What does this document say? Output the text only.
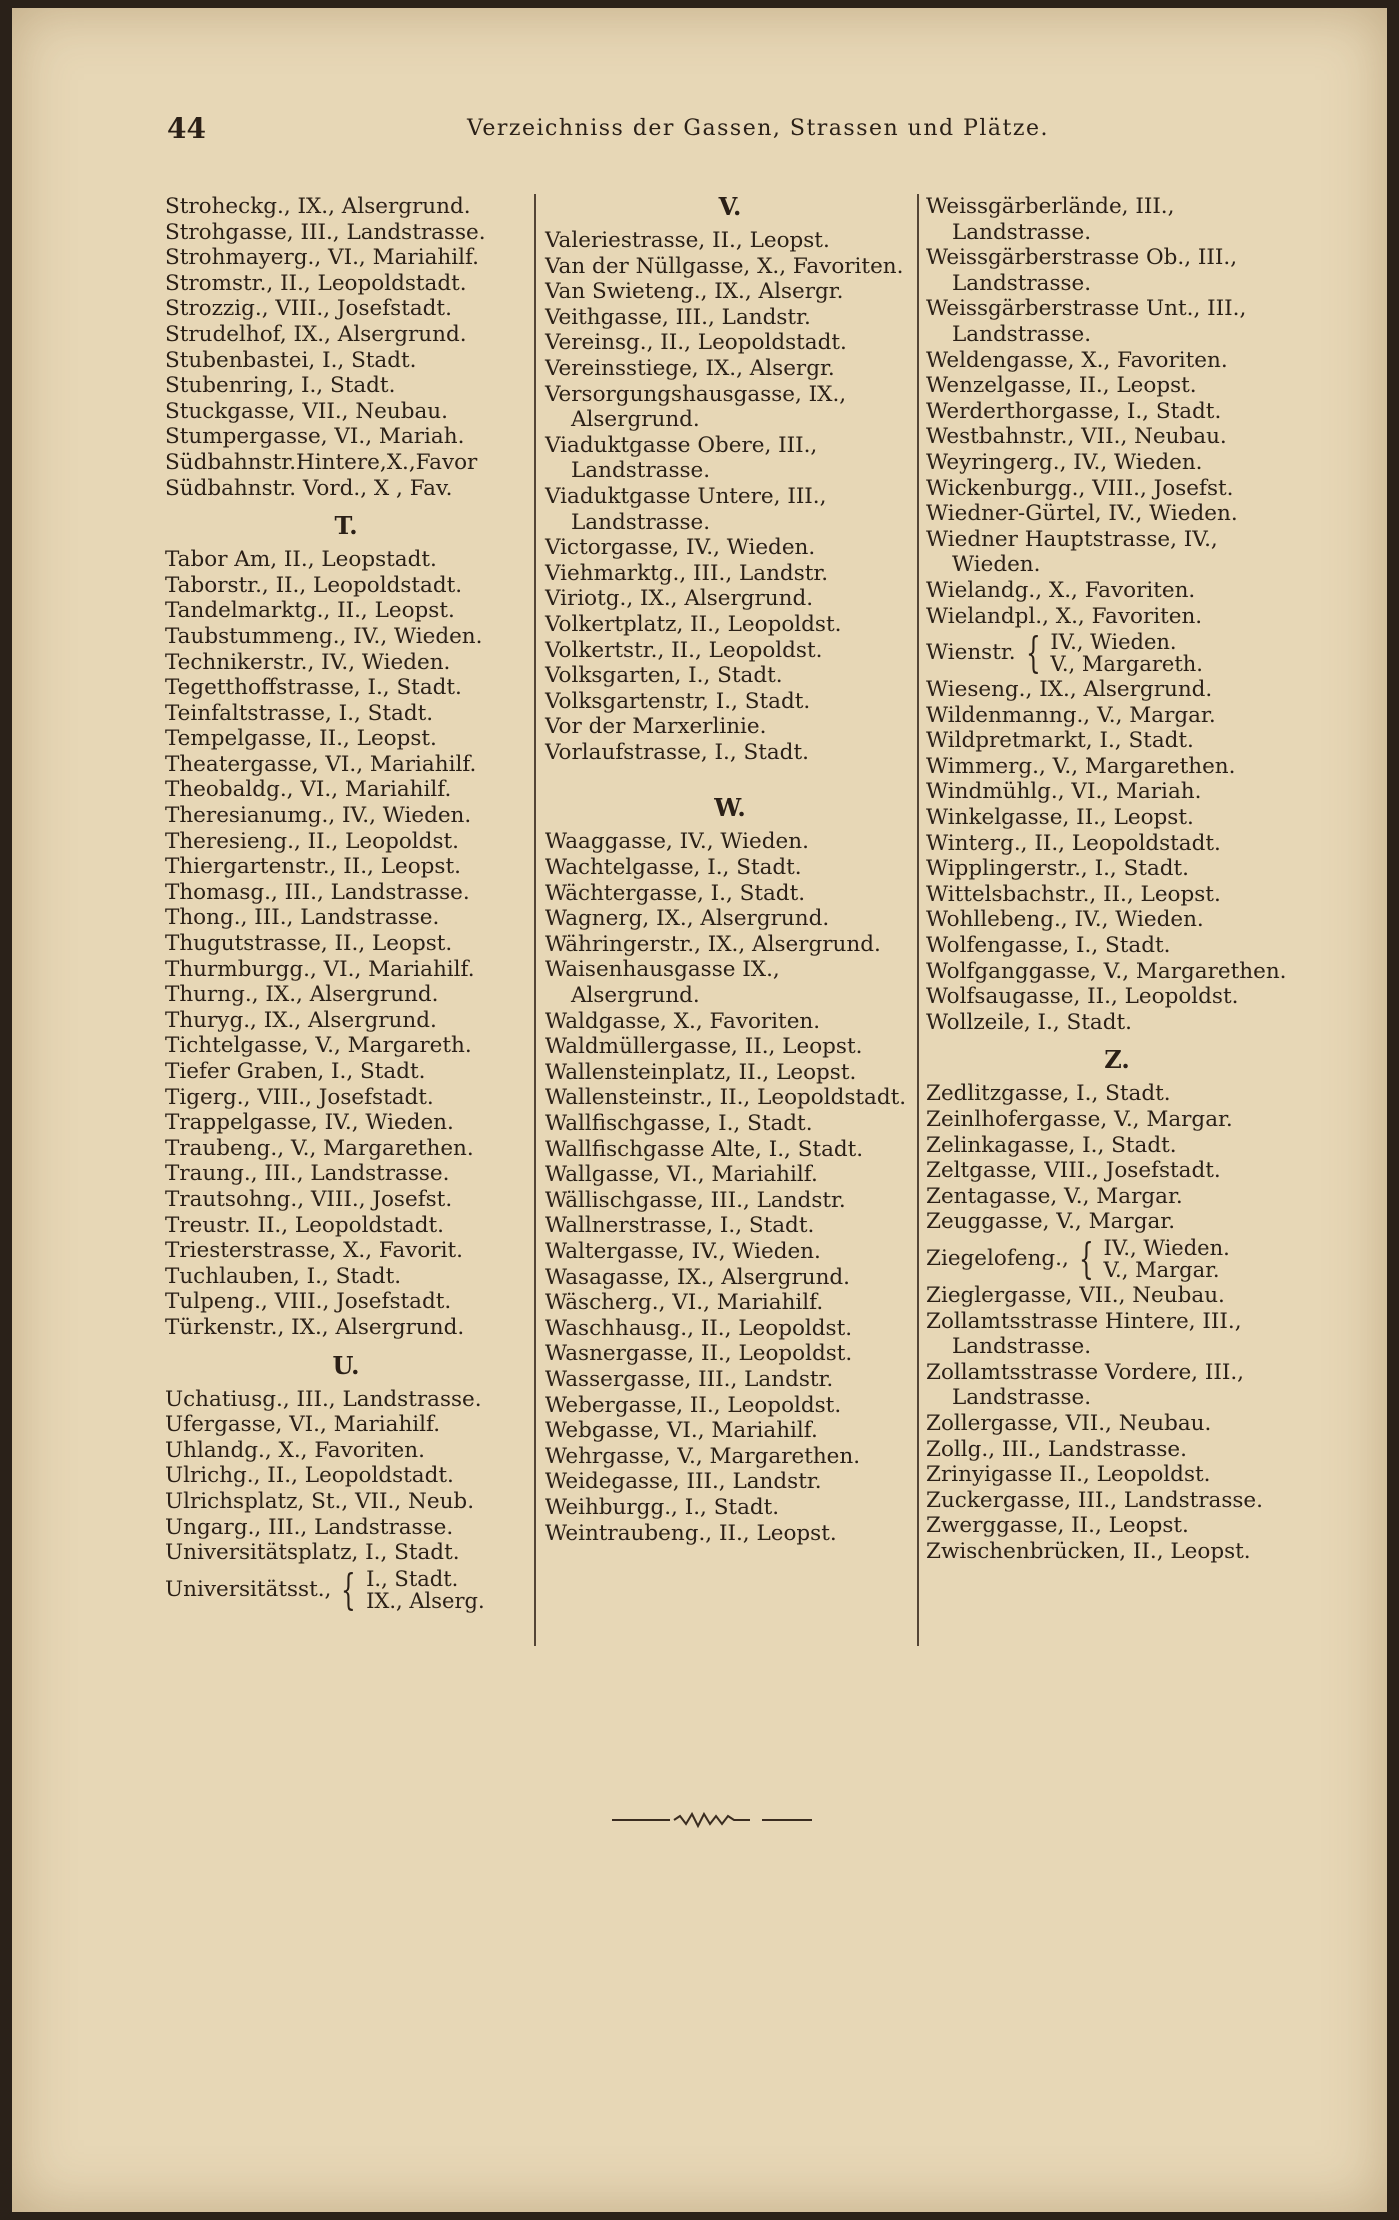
44	Verzeichniss der Gassen, Strassen und Plätze.
Stroheckg., IX., Alsergrund.
Strohgasse, III., Landstrasse.
Strohmayerg., VI., Mariahilf.
Stromstr., II., Leopoldstadt.
Strozzig., VIII., Josefstadt.
Strudelhof, IX., Alsergrund.
Stubenbastei, I., Stadt.
Stubenring, I., Stadt.
Stuckgasse, VII., Neubau.
Stumpergasse, VI., Mariah.
Südbahnstr.Hintere,X.,Favor
Südbahnstr. Vord., X , Fav.
T.
Tabor Am, II., Leopstadt.
Taborstr., II., Leopoldstadt.
Tandelmarktg., II., Leopst.
Taubstummeng., IV., Wieden.
Technikerstr., IV., Wieden.
Tegetthoffstrasse, I., Stadt.
Teinfaltstrasse, I., Stadt.
Tempelgasse, II., Leopst.
Theatergasse, VI., Mariahilf.
Theobaldg., VI., Mariahilf.
Theresianumg., IV., Wieden.
Theresieng., II., Leopoldst.
Thiergartenstr., II., Leopst.
Thomasg., III., Landstrasse.
Thong., III., Landstrasse.
Thugutstrasse, II., Leopst.
Thurmburgg., VI., Mariahilf.
Thurng., IX., Alsergrund.
Thuryg., IX., Alsergrund.
Tichtelgasse, V., Margareth.
Tiefer Graben, I., Stadt.
Tigerg., VIII., Josefstadt.
Trappelgasse, IV., Wieden.
Traubeng., V., Margarethen.
Traung., III., Landstrasse.
Trautsohng., VIII., Josefst.
Treustr. II., Leopoldstadt.
Triesterstrasse, X., Favorit.
Tuchlauben, I., Stadt.
Tulpeng., VIII., Josefstadt.
Türkenstr., IX., Alsergrund.
U.
Uchatiusg., III., Landstrasse.
Ufergasse, VI., Mariahilf.
Uhlandg., X., Favoriten.
Ulrichg., II., Leopoldstadt.
Ulrichsplatz, St., VII., Neub.
Ungarg., III., Landstrasse.
Universitätsplatz, I., Stadt.
Universitätsst., { I., Stadt.
IX., Alserg.
V.
Valeriestrasse, II., Leopst.
Van der Nüllgasse, X., Favoriten.
Van Swieteng., IX., Alsergr.
Veithgasse, III., Landstr.
Vereinsg., II., Leopoldstadt.
Vereinsstiege, IX., Alsergr.
Versorgungshausgasse, IX., Alsergrund.
Viaduktgasse Obere, III., Landstrasse.
Viaduktgasse Untere, III., Landstrasse.
Victorgasse, IV., Wieden.
Viehmarktg., III., Landstr.
Viriotg., IX., Alsergrund.
Volkertplatz, II., Leopoldst.
Volkertstr., II., Leopoldst.
Volksgarten, I., Stadt.
Volksgartenstr, I., Stadt.
Vor der Marxerlinie.
Vorlaufstrasse, I., Stadt.
W.
Waaggasse, IV., Wieden.
Wachtelgasse, I., Stadt.
Wächtergasse, I., Stadt.
Wagnerg, IX., Alsergrund.
Währingerstr., IX., Alsergrund.
Waisenhausgasse IX., Alsergrund.
Waldgasse, X., Favoriten.
Waldmüllergasse, II., Leopst.
Wallensteinplatz, II., Leopst.
Wallensteinstr., II., Leopoldstadt.
Wallfischgasse, I., Stadt.
Wallfischgasse Alte, I., Stadt.
Wallgasse, VI., Mariahilf.
Wällischgasse, III., Landstr.
Wallnerstrasse, I., Stadt.
Waltergasse, IV., Wieden.
Wasagasse, IX., Alsergrund.
Wäscherg., VI., Mariahilf.
Waschhausg., II., Leopoldst.
Wasnergasse, II., Leopoldst.
Wassergasse, III., Landstr.
Webergasse, II., Leopoldst.
Webgasse, VI., Mariahilf.
Wehrgasse, V., Margarethen.
Weidegasse, III., Landstr.
Weihburgg., I., Stadt.
Weintraubeng., II., Leopst.
Weissgärberlände, III., Landstrasse.
Weissgärberstrasse Ob., III., Landstrasse.
Weissgärberstrasse Unt., III., Landstrasse.
Weldengasse, X., Favoriten.
Wenzelgasse, II., Leopst.
Werderthorgasse, I., Stadt.
Westbahnstr., VII., Neubau.
Weyringerg., IV., Wieden.
Wickenburgg., VIII., Josefst.
Wiedner-Gürtel, IV., Wieden.
Wiedner Hauptstrasse, IV., Wieden.
Wielandg., X., Favoriten.
Wielandpl., X., Favoriten.
Wienstr. { IV., Wieden.
V., Margareth.
Wieseng., IX., Alsergrund.
Wildenmanng., V., Margar.
Wildpretmarkt, I., Stadt.
Wimmerg., V., Margarethen.
Windmühlg., VI., Mariah.
Winkelgasse, II., Leopst.
Winterg., II., Leopoldstadt.
Wipplingerstr., I., Stadt.
Wittelsbachstr., II., Leopst.
Wohllebeng., IV., Wieden.
Wolfengasse, I., Stadt.
Wolfganggasse, V., Margarethen.
Wolfsaugasse, II., Leopoldst.
Wollzeile, I., Stadt.
Z.
Zedlitzgasse, I., Stadt.
Zeinlhofergasse, V., Margar.
Zelinkagasse, I., Stadt.
Zeltgasse, VIII., Josefstadt.
Zentagasse, V., Margar.
Zeuggasse, V., Margar.
Ziegelofeng., { IV., Wieden.
V., Margar.
Zieglergasse, VII., Neubau.
Zollamtsstrasse Hintere, III., Landstrasse.
Zollamtsstrasse Vordere, III., Landstrasse.
Zollergasse, VII., Neubau.
Zollg., III., Landstrasse.
Zrinyigasse II., Leopoldst.
Zuckergasse, III., Landstrasse.
Zwerggasse, II., Leopst.
Zwischenbrücken, II., Leopst.
